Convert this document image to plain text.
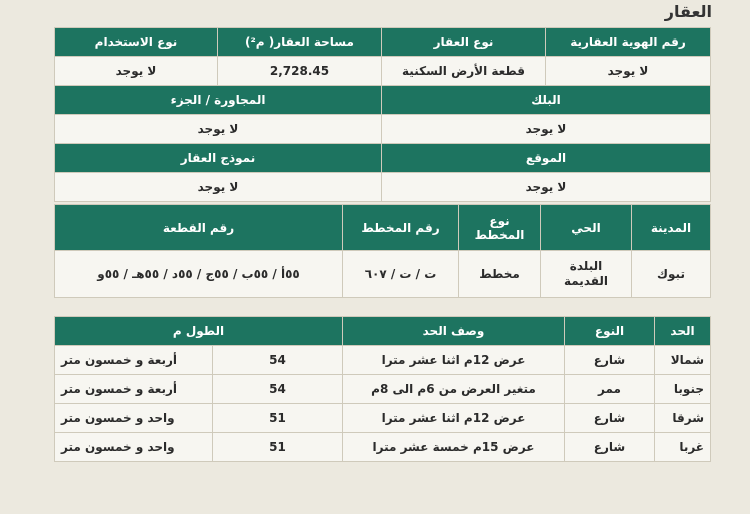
العقار
رقم الهوية العقارية	نوع العقار	مساحة العقار( م²)	نوع الاستخدام
لا يوجد	قطعة الأرض السكنية	2,728.45	لا يوجد
البلك		المجاورة / الجزء	
لا يوجد		لا يوجد	
الموقع		نموذج العقار	
لا يوجد		لا يوجد	
المدينة	الحي	نوع المخطط	رقم المخطط	رقم القطعة
تبوك	البلدة القديمة	مخطط	ت / ت / ٦٠٧	٥٥أ / ٥٥ب / ٥٥ج / ٥٥د / ٥٥هـ / ٥٥و
الحد	النوع	وصف الحد	الطول م	
شمالا	شارع	عرض 12م اثنا عشر مترا	54	أربعة و خمسون متر
جنوبا	ممر	متغير العرض من 6م الى 8م	54	أربعة و خمسون متر
شرقا	شارع	عرض 12م اثنا عشر مترا	51	واحد و خمسون متر
غربا	شارع	عرض 15م خمسة عشر مترا	51	واحد و خمسون متر
